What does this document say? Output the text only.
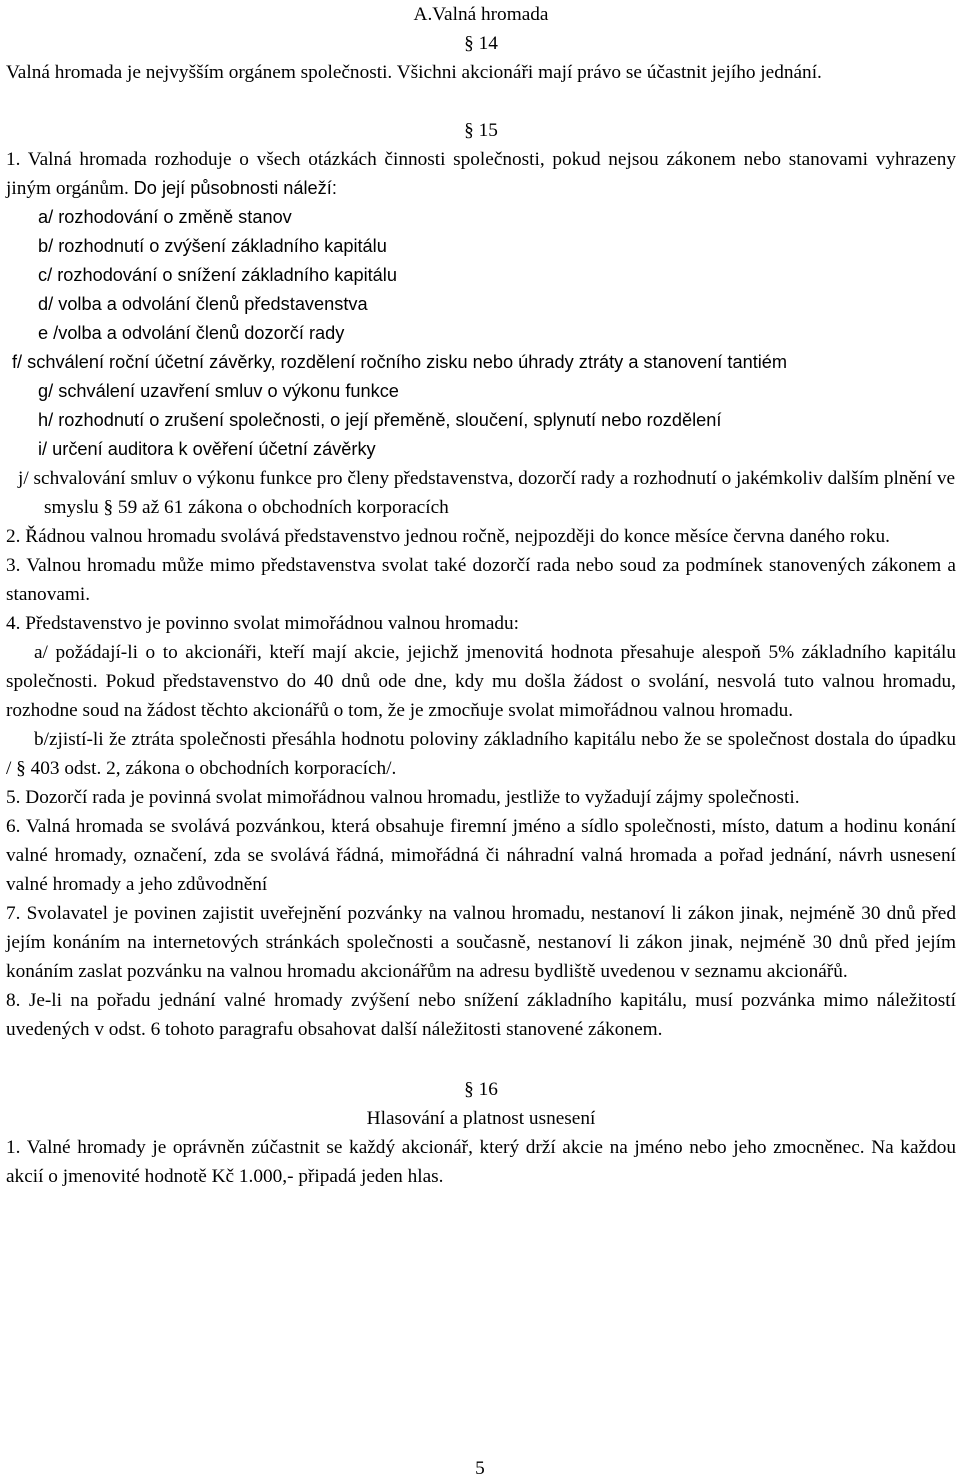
A.Valná hromada

§ 14

Valná hromada je nejvyšším orgánem společnosti. Všichni akcionáři mají právo se účastnit jejího jednání.

§ 15

1. Valná hromada rozhoduje o všech otázkách činnosti společnosti, pokud nejsou zákonem nebo stanovami vyhrazeny jiným orgánům. Do její působnosti náleží:

a/ rozhodování o změně stanov

b/ rozhodnutí o zvýšení základního kapitálu

c/ rozhodování o snížení základního kapitálu

d/ volba a odvolání členů představenstva

e /volba a odvolání členů dozorčí rady

f/ schválení roční účetní závěrky, rozdělení ročního zisku nebo úhrady ztráty a stanovení tantiém

g/ schválení uzavření smluv o výkonu funkce

h/ rozhodnutí o zrušení společnosti, o její přeměně, sloučení, splynutí nebo rozdělení

i/ určení auditora k ověření účetní závěrky

j/ schvalování smluv o výkonu funkce pro členy představenstva, dozorčí rady a rozhodnutí o jakémkoliv dalším plnění ve smyslu § 59 až 61 zákona o obchodních korporacích

2. Řádnou valnou hromadu svolává představenstvo jednou ročně, nejpozději do konce měsíce června daného roku.

3. Valnou hromadu může mimo představenstva svolat také dozorčí rada nebo soud za podmínek stanovených zákonem a stanovami.

4. Představenstvo je povinno svolat mimořádnou valnou hromadu:

a/ požádají-li o to akcionáři, kteří mají akcie, jejichž jmenovitá hodnota přesahuje alespoň 5% základního kapitálu společnosti. Pokud představenstvo do 40 dnů ode dne, kdy mu došla žádost o svolání, nesvolá tuto valnou hromadu, rozhodne soud na žádost těchto akcionářů o tom, že je zmocňuje svolat mimořádnou valnou hromadu.

b/zjistí-li že ztráta společnosti přesáhla hodnotu poloviny základního kapitálu nebo že se společnost dostala do úpadku / § 403 odst. 2, zákona o obchodních korporacích/.

5. Dozorčí rada je povinná svolat mimořádnou valnou hromadu, jestliže to vyžadují zájmy společnosti.

6. Valná hromada se svolává pozvánkou, která obsahuje firemní jméno a sídlo společnosti, místo, datum a hodinu konání valné hromady, označení, zda se svolává řádná, mimořádná či náhradní valná hromada a pořad jednání, návrh usnesení valné hromady a jeho zdůvodnění

7. Svolavatel je povinen zajistit uveřejnění pozvánky na valnou hromadu, nestanoví li zákon jinak, nejméně 30 dnů před jejím konáním na internetových stránkách společnosti a současně, nestanoví li zákon jinak, nejméně 30 dnů před jejím konáním zaslat pozvánku na valnou hromadu akcionářům na adresu bydliště uvedenou v seznamu akcionářů.

8. Je-li na pořadu jednání valné hromady zvýšení nebo snížení základního kapitálu, musí pozvánka mimo náležitostí uvedených v odst. 6 tohoto paragrafu obsahovat další náležitosti stanovené zákonem.

§ 16

Hlasování a platnost usnesení

1. Valné hromady je oprávněn zúčastnit se každý akcionář, který drží akcie na jméno nebo jeho zmocněnec. Na každou akcií o jmenovité hodnotě Kč 1.000,- připadá jeden hlas.

5
